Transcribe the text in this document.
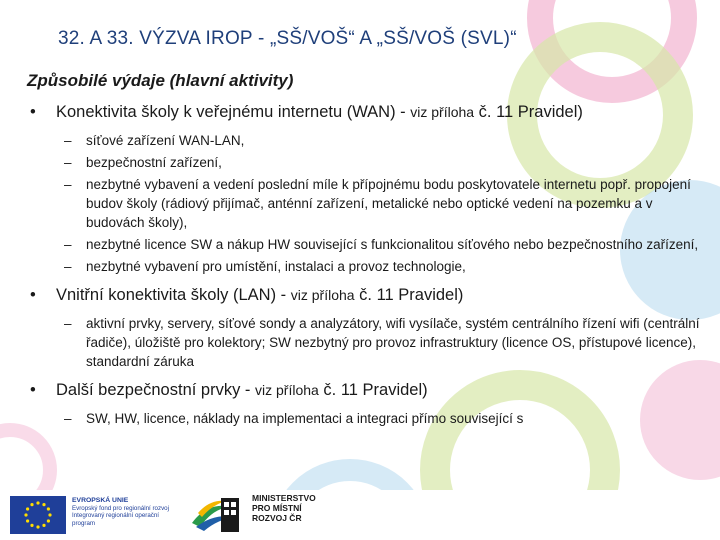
32. A 33. VÝZVA IROP - „SŠ/VOŠ“ A „SŠ/VOŠ (SVL)“
Způsobilé výdaje (hlavní aktivity)
• Konektivita školy k veřejnému internetu (WAN) - viz příloha č. 11 Pravidel)
– síťové zařízení WAN-LAN,
– bezpečnostní zařízení,
– nezbytné vybavení a vedení poslední míle k přípojnému bodu poskytovatele internetu popř. propojení budov školy (rádiový přijímač, anténní zařízení, metalické nebo optické vedení na pozemku a v budovách školy),
– nezbytné licence SW a nákup HW související s funkcionalitou síťového nebo bezpečnostního zařízení,
– nezbytné vybavení pro umístění, instalaci a provoz technologie,
• Vnitřní konektivita školy (LAN) - viz příloha č. 11 Pravidel)
– aktivní prvky, servery, síťové sondy a analyzátory, wifi vysílače, systém centrálního řízení wifi (centrální řadiče), úložiště pro kolektory; SW nezbytný pro provoz infrastruktury (licence OS, přístupové licence), standardní záruka
• Další bezpečnostní prvky - viz příloha č. 11 Pravidel)
– SW, HW, licence, náklady na implementaci a integraci přímo související s
EVROPSKÁ UNIE
Evropský fond pro regionální rozvoj
Integrovaný regionální operační program
MINISTERSTVO
PRO MÍSTNÍ
ROZVOJ ČR
